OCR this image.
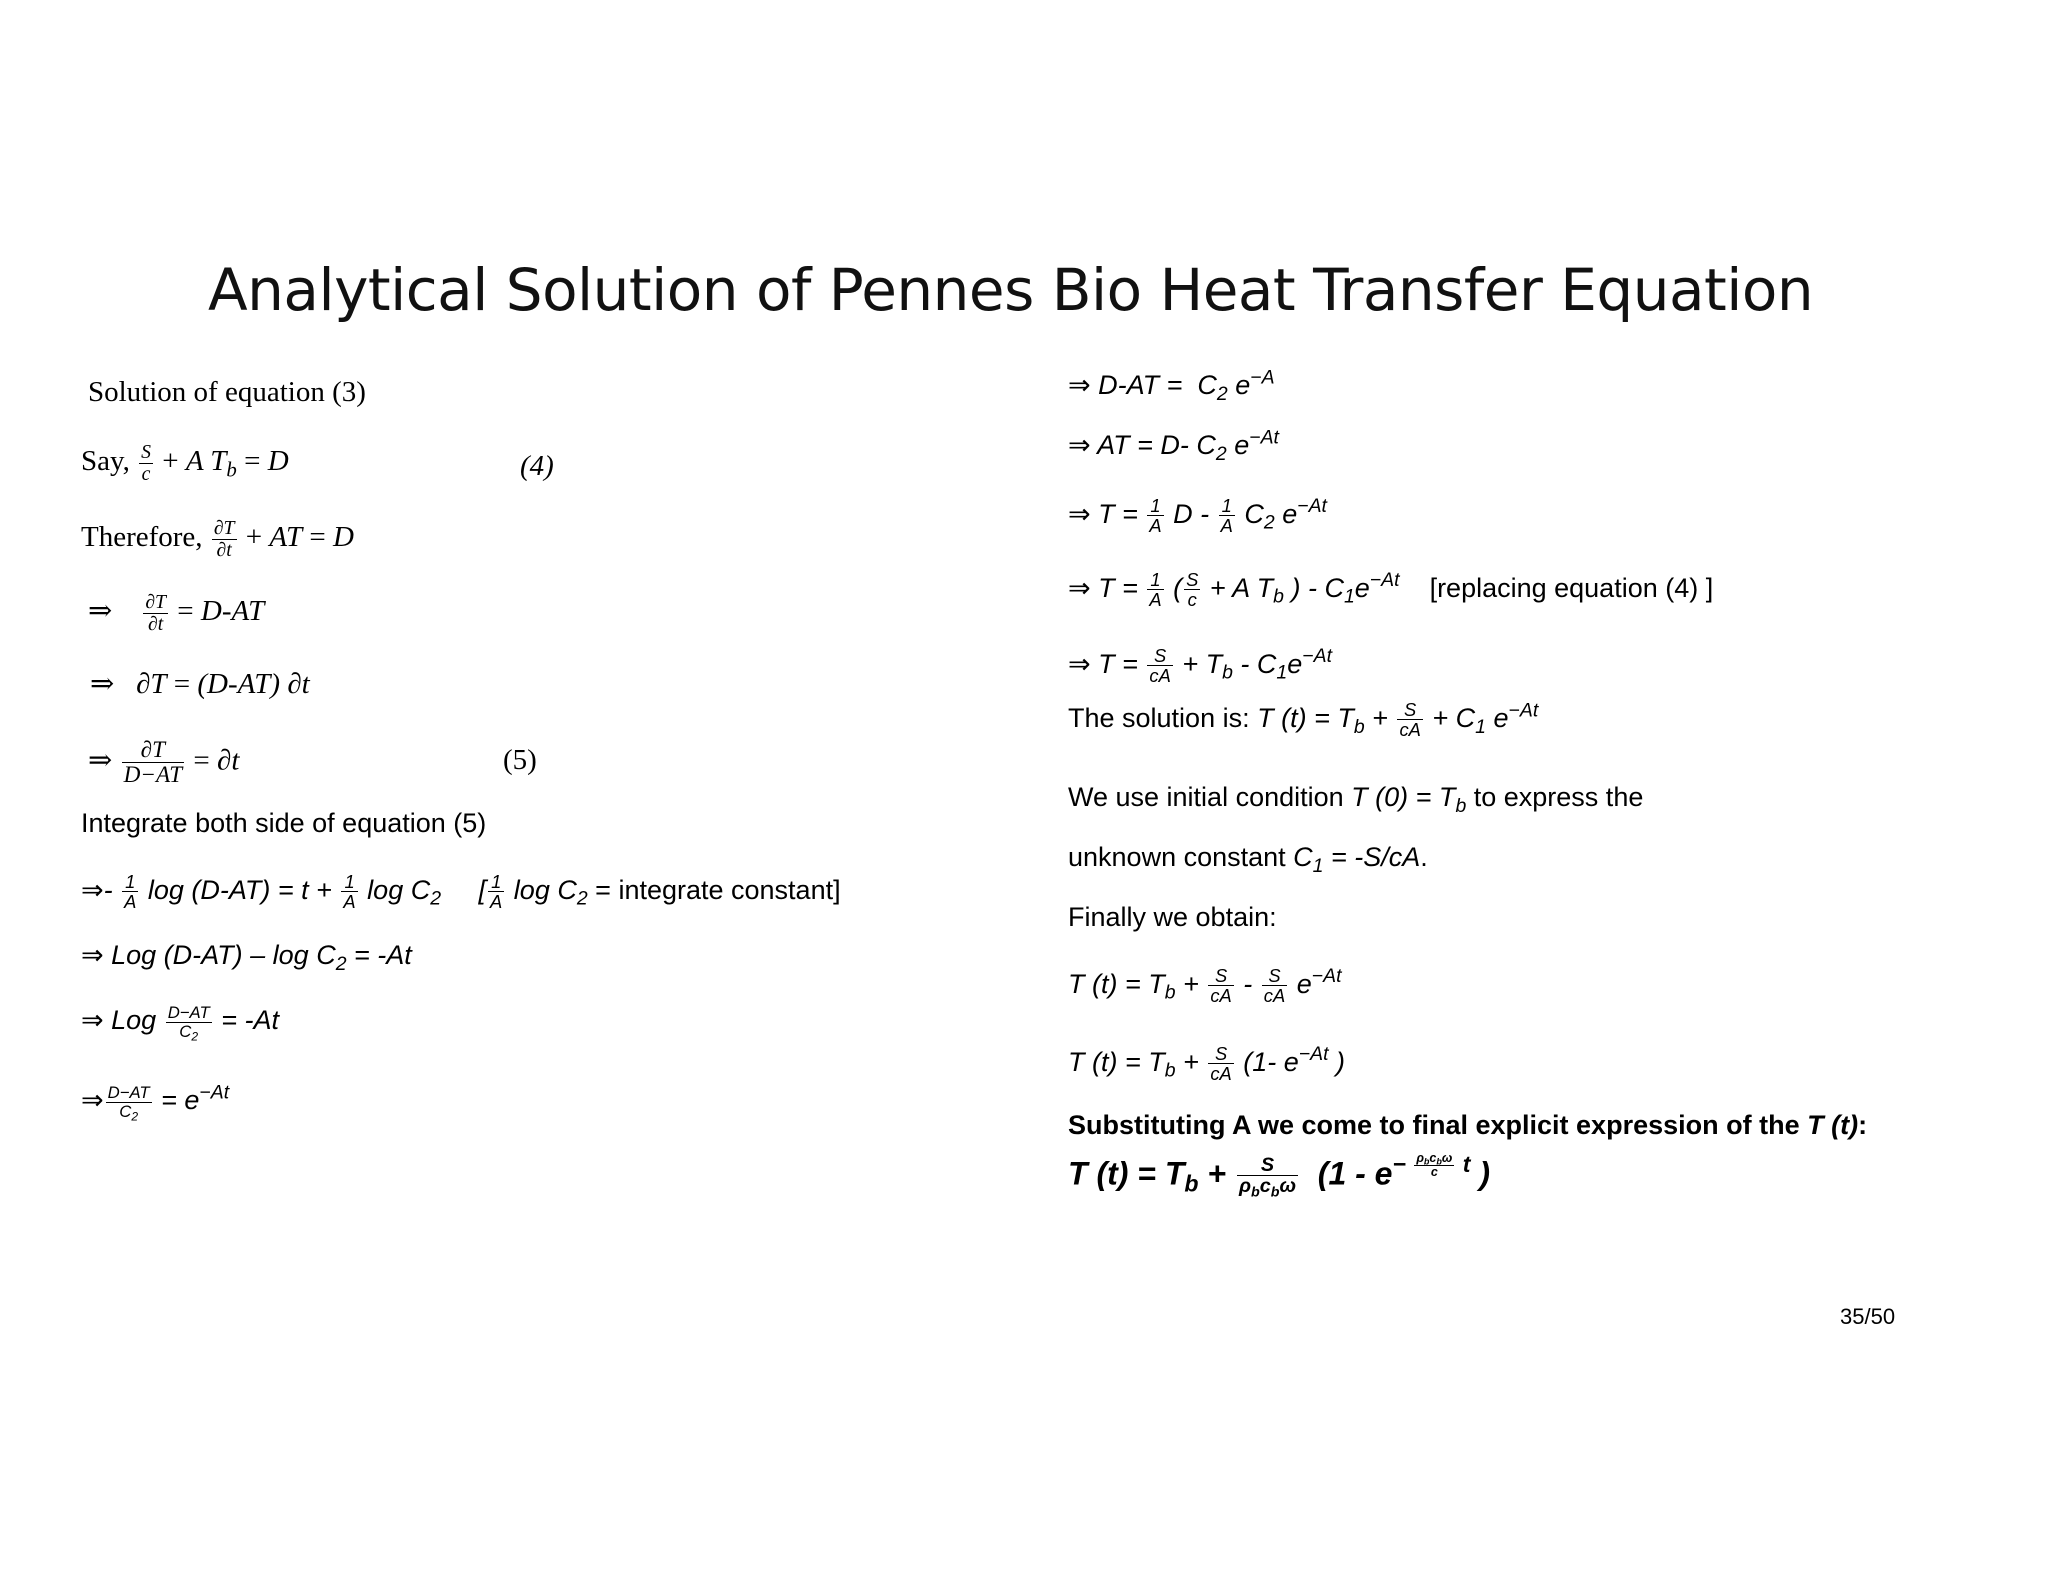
Analytical Solution of Pennes Bio Heat Transfer Equation
Solution of equation (3)
Say, $\frac{S}{c} + A$ $T_b = D$	(4)
Therefore, $\frac{\partial T}{\partial t}$ + AT = D
⇒ $\frac{\partial T}{\partial t} = D-AT$
⇒   ∂T = (D-AT) ∂t
⇒ $\frac{\partial T}{D-AT} = \partial t$	(5)
Integrate both side of equation (5)
⇒- $\frac{1}{A}$ $\log (D-AT) = t + \frac{1}{A}$ $\log C_2$     [ $\frac{1}{A}$ $\log C_2$ = integrate constant]
⇒ Log $(D-AT) - \log C_2 = -At$
⇒ Log $\frac{D-AT}{C_2} = -At$
⇒ $\frac{D-AT}{C_2} = e^{-At}$
⇒ $D-AT = C_2$ $e^{-A}$
⇒ AT = D- $C_2$ $e^{-At}$
⇒ $T = \frac{1}{A}$ D - $\frac{1}{A} C_2$ $e^{-At}$
⇒ $T = \frac{1}{A}$ ( $\frac{S}{c} + A$ $T_b$ ) - $C_1e^{-At}$ [replacing equation (4) ]
⇒ $T = \frac{S}{cA} + T_b - C_1e^{-At}$
The solution is: T $(t) = T_b + \frac{S}{cA} + C_1$ $e^{-At}$
We use initial condition T $(0) = T_b$ to express the
unknown constant $C_1 = -S/cA$.
Finally we obtain:
T $(t) = T_b + \frac{S}{cA} - \frac{S}{cA} e^{-At}$
T $(t) = T_b + \frac{S}{cA} (1-$ $e^{-At}$ )
Substituting A we come to final explicit expression of the T (t):
T $(t) = T_b + \frac{S}{\rho_bc_b\omega} (1 - e^{- \frac{\rho_bc_b\omega}{c} t}$ )
35/50
